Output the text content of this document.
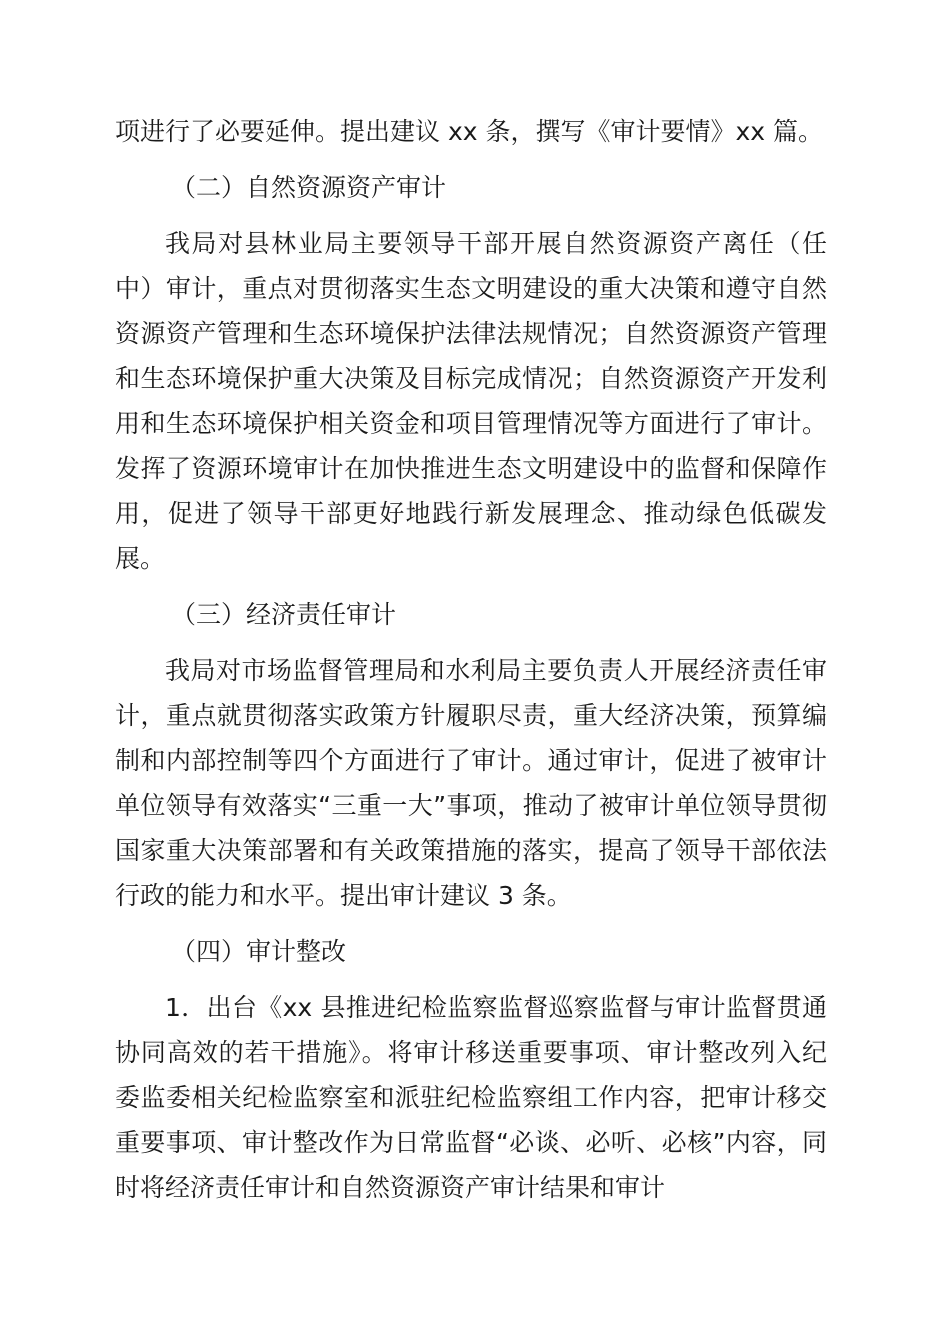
项进行了必要延伸。提出建议 xx 条，撰写《审计要情》xx 篇。

（二）自然资源资产审计

我局对县林业局主要领导干部开展自然资源资产离任（任中）审计，重点对贯彻落实生态文明建设的重大决策和遵守自然资源资产管理和生态环境保护法律法规情况；自然资源资产管理和生态环境保护重大决策及目标完成情况；自然资源资产开发利用和生态环境保护相关资金和项目管理情况等方面进行了审计。发挥了资源环境审计在加快推进生态文明建设中的监督和保障作用，促进了领导干部更好地践行新发展理念、推动绿色低碳发展。

（三）经济责任审计

我局对市场监督管理局和水利局主要负责人开展经济责任审计，重点就贯彻落实政策方针履职尽责，重大经济决策，预算编制和内部控制等四个方面进行了审计。通过审计，促进了被审计单位领导有效落实“三重一大”事项，推动了被审计单位领导贯彻国家重大决策部署和有关政策措施的落实，提高了领导干部依法行政的能力和水平。提出审计建议 3 条。

（四）审计整改

1．出台《xx 县推进纪检监察监督巡察监督与审计监督贯通协同高效的若干措施》。将审计移送重要事项、审计整改列入纪委监委相关纪检监察室和派驻纪检监察组工作内容，把审计移交重要事项、审计整改作为日常监督“必谈、必听、必核”内容，同时将经济责任审计和自然资源资产审计结果和审计
